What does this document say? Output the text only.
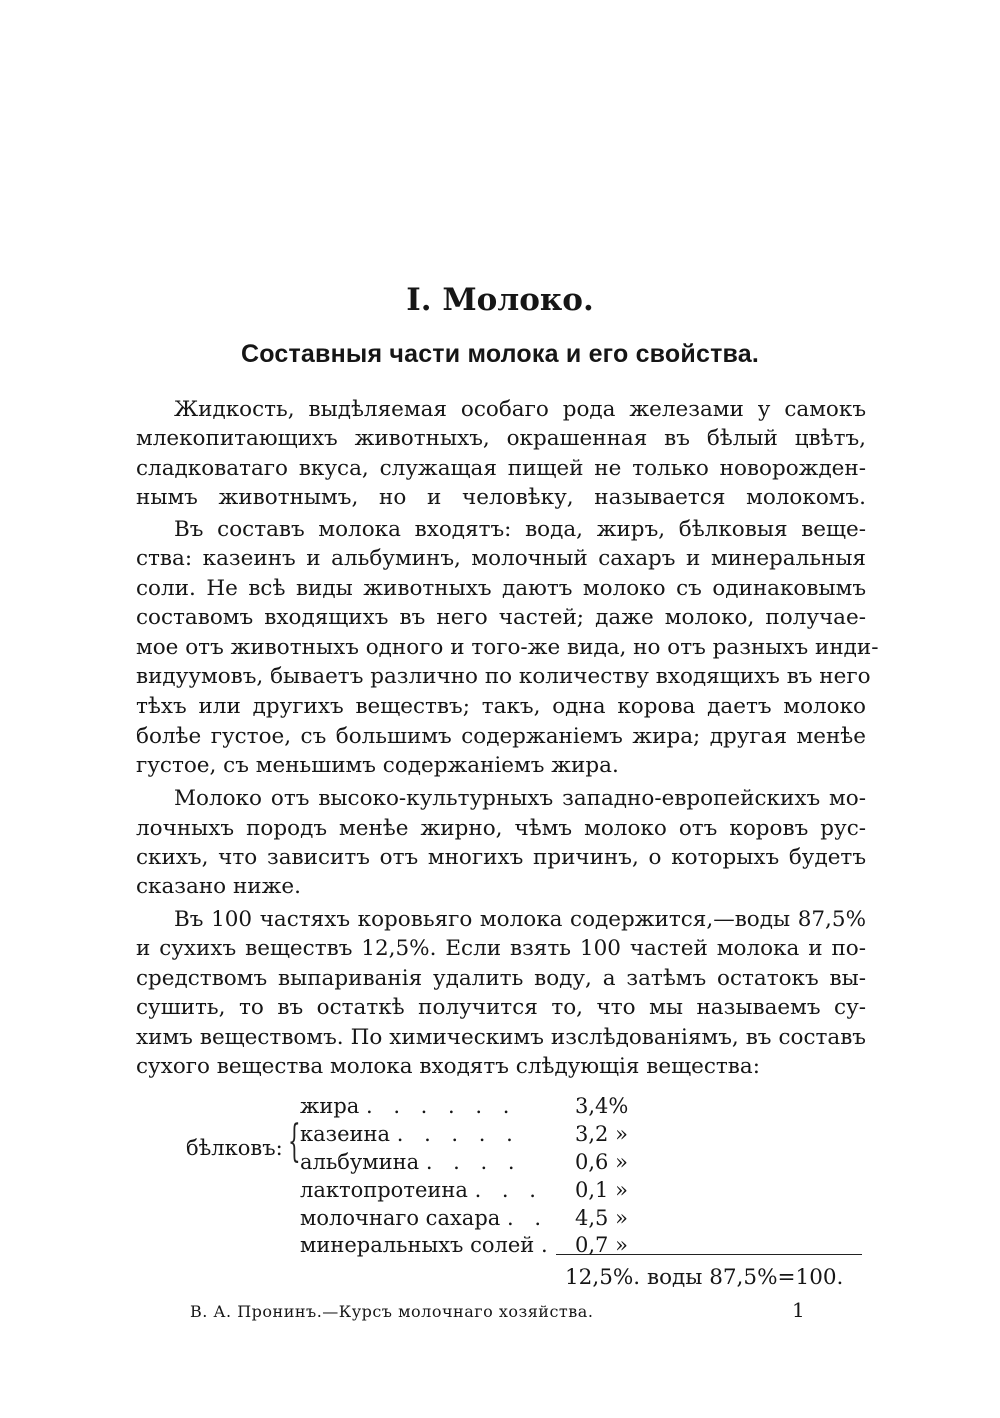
I. Молоко.
Составныя части молока и его свойства.
Жидкость, выдѣляемая особаго рода железами у самокъ
млекопитающихъ животныхъ, окрашенная въ бѣлый цвѣтъ,
сладковатаго вкуса, служащая пищей не только новорожден-
нымъ животнымъ, но и человѣку, называется молокомъ.
Въ составъ молока входятъ: вода, жиръ, бѣлковыя веще-
ства: казеинъ и альбуминъ, молочный сахаръ и минеральныя
соли. Не всѣ виды животныхъ даютъ молоко съ одинаковымъ
составомъ входящихъ въ него частей; даже молоко, получае-
мое отъ животныхъ одного и того-же вида, но отъ разныхъ инди-
видуумовъ, бываетъ различно по количеству входящихъ въ него
тѣхъ или другихъ веществъ; такъ, одна корова даетъ молоко
болѣе густое, съ большимъ содержаніемъ жира; другая менѣе
густое, съ меньшимъ содержаніемъ жира.
Молоко отъ высоко-культурныхъ западно-европейскихъ мо-
лочныхъ породъ менѣе жирно, чѣмъ молоко отъ коровъ рус-
скихъ, что зависитъ отъ многихъ причинъ, о которыхъ будетъ
сказано ниже.
Въ 100 частяхъ коровьяго молока содержится,—воды 87,5%
и сухихъ веществъ 12,5%. Если взять 100 частей молока и по-
средствомъ выпариванія удалить воду, а затѣмъ остатокъ вы-
сушить, то въ остаткѣ получится то, что мы называемъ су-
химъ веществомъ. По химическимъ изслѣдованіямъ, въ составъ
сухого вещества молока входятъ слѣдующія вещества:
бѣлковъ: {
жира . . . . . .	3,4%
казеина . . . . .	3,2 »
альбумина . . . .	0,6 »
лактопротеина . . .	0,1 »
молочнаго сахара . .	4,5 »
минеральныхъ солей . 0,7 »
12,5%. воды 87,5%=100.
В. А. Пронинъ.—Курсъ молочнаго хозяйства.	1
